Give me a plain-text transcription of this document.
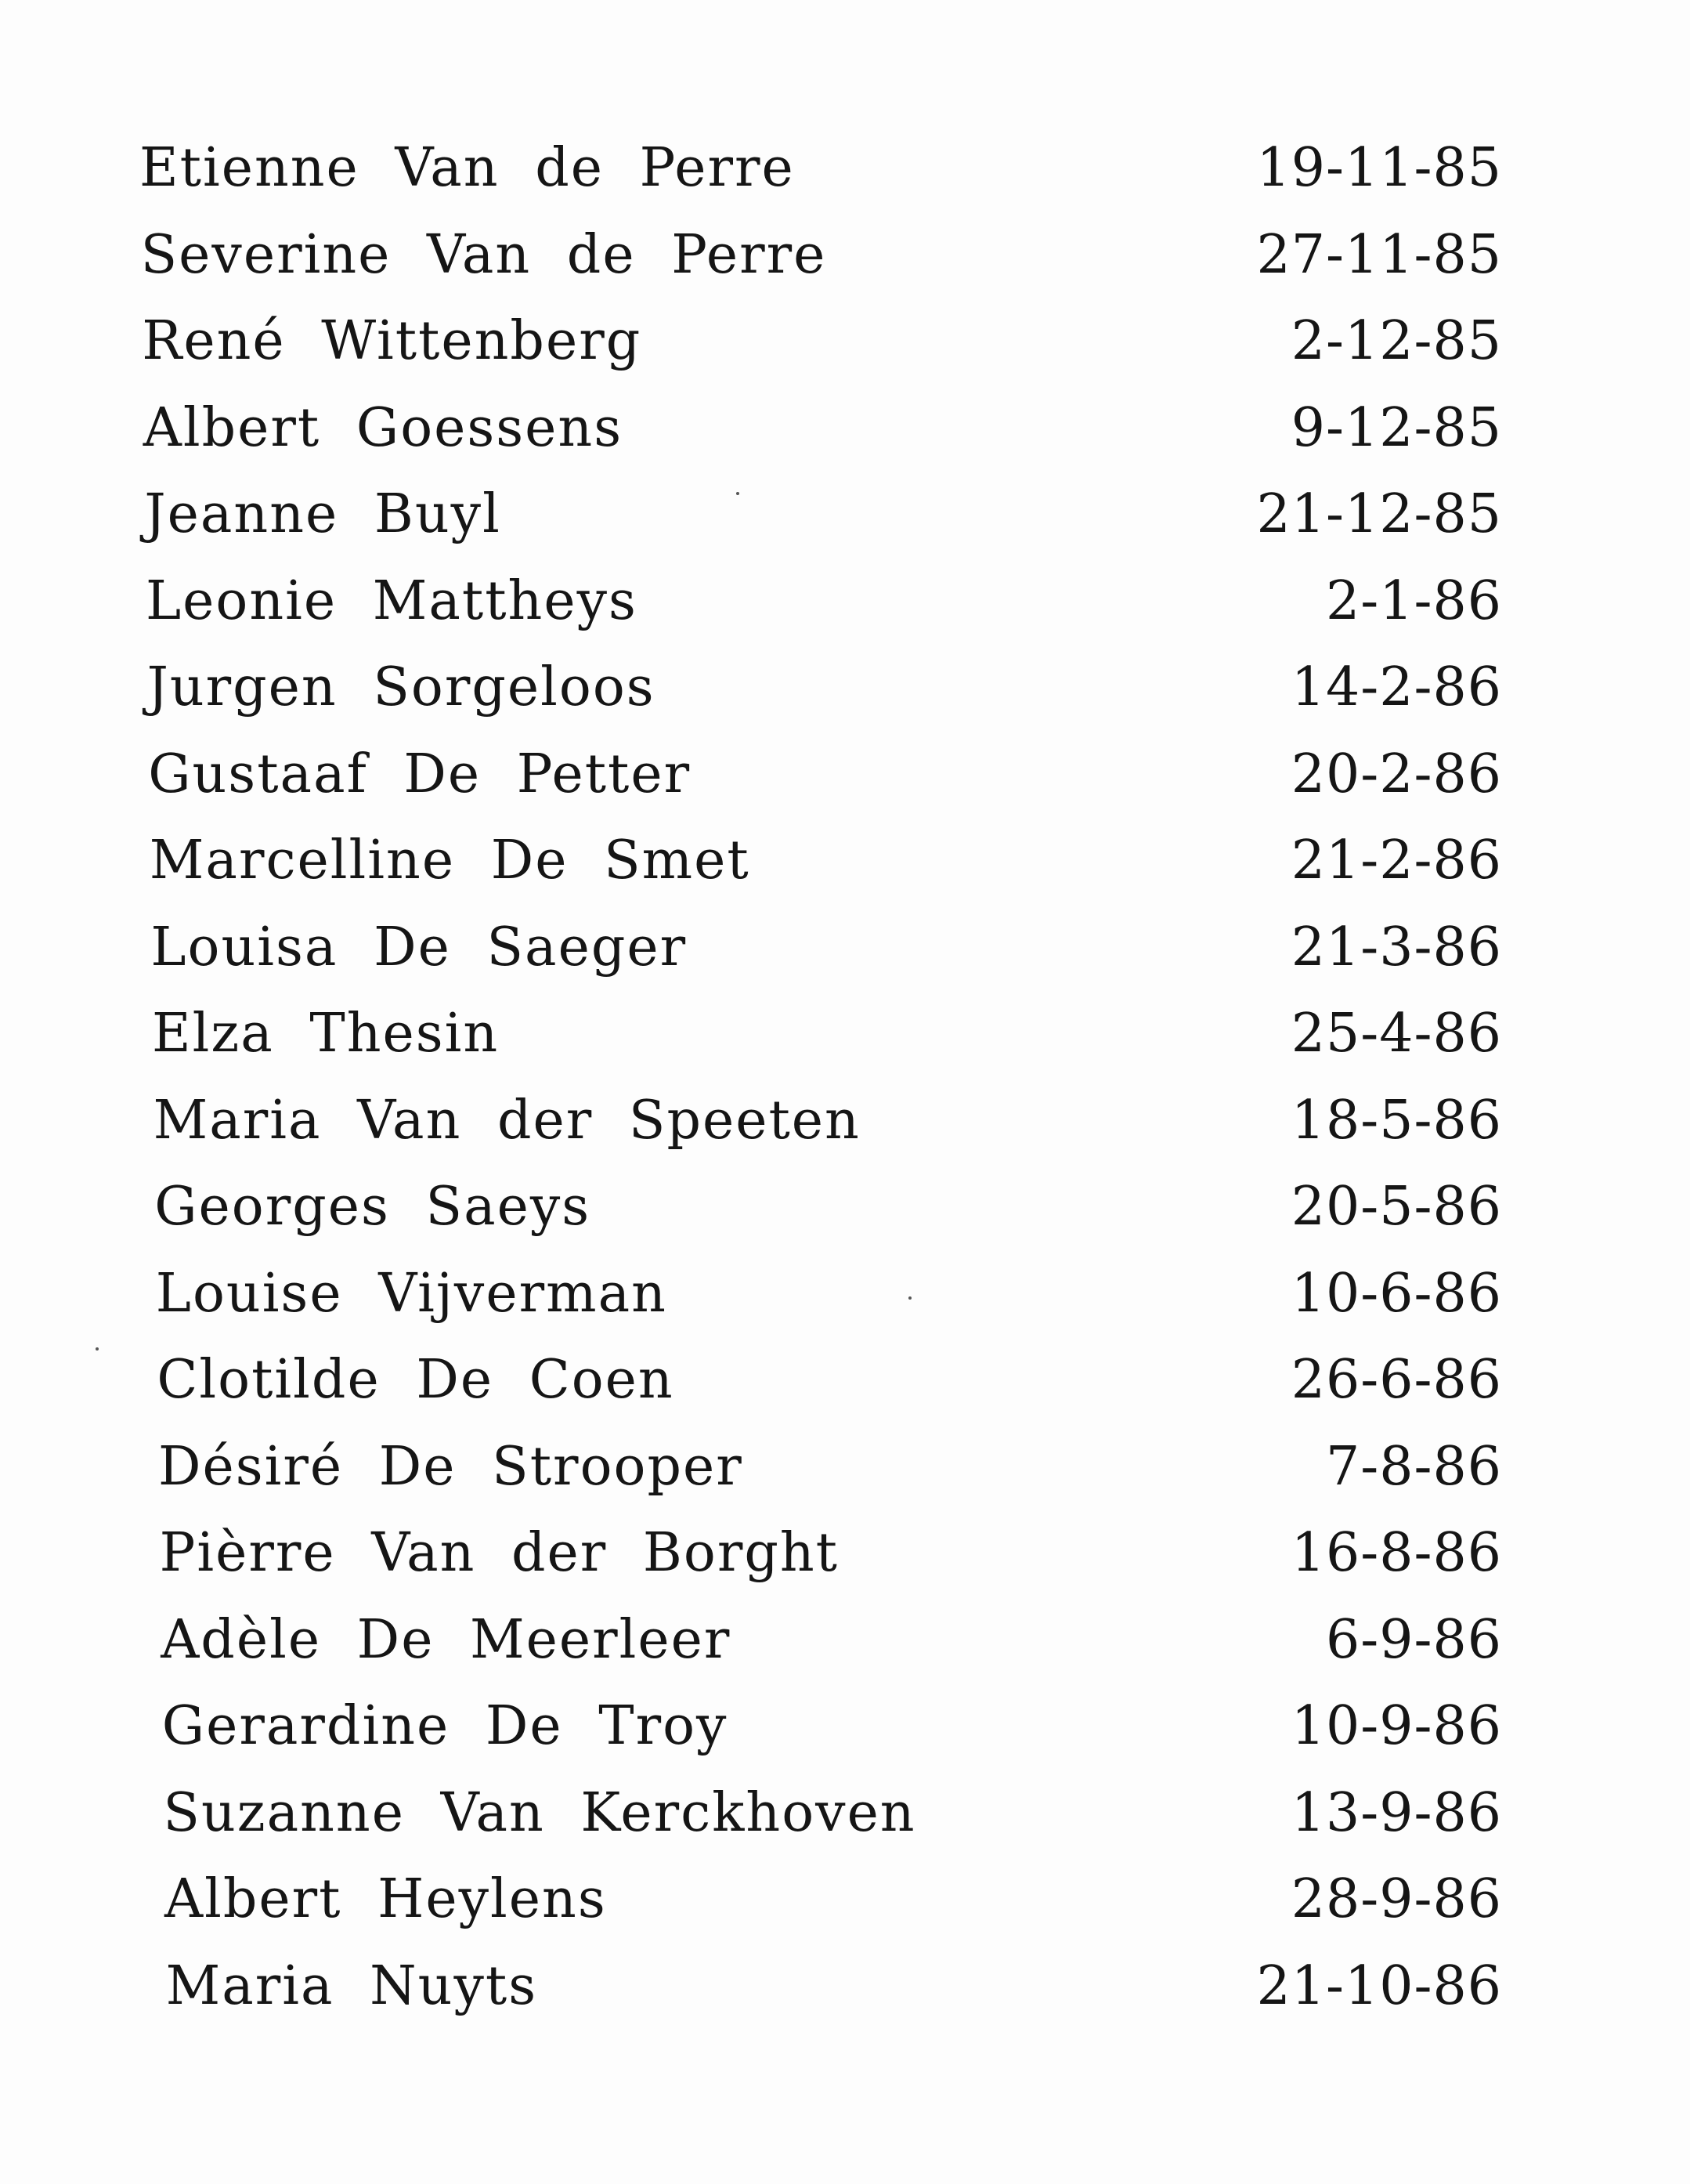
Etienne Van de Perre	19-11-85
Severine Van de Perre	27-11-85
René Wittenberg	2-12-85
Albert Goessens	9-12-85
Jeanne Buyl	21-12-85
Leonie Mattheys	2-1-86
Jurgen Sorgeloos	14-2-86
Gustaaf De Petter	20-2-86
Marcelline De Smet	21-2-86
Louisa De Saeger	21-3-86
Elza Thesin	25-4-86
Maria Van der Speeten	18-5-86
Georges Saeys	20-5-86
Louise Vijverman	10-6-86
Clotilde De Coen	26-6-86
Désiré De Strooper	7-8-86
Pièrre Van der Borght	16-8-86
Adèle De Meerleer	6-9-86
Gerardine De Troy	10-9-86
Suzanne Van Kerckhoven	13-9-86
Albert Heylens	28-9-86
Maria Nuyts	21-10-86
